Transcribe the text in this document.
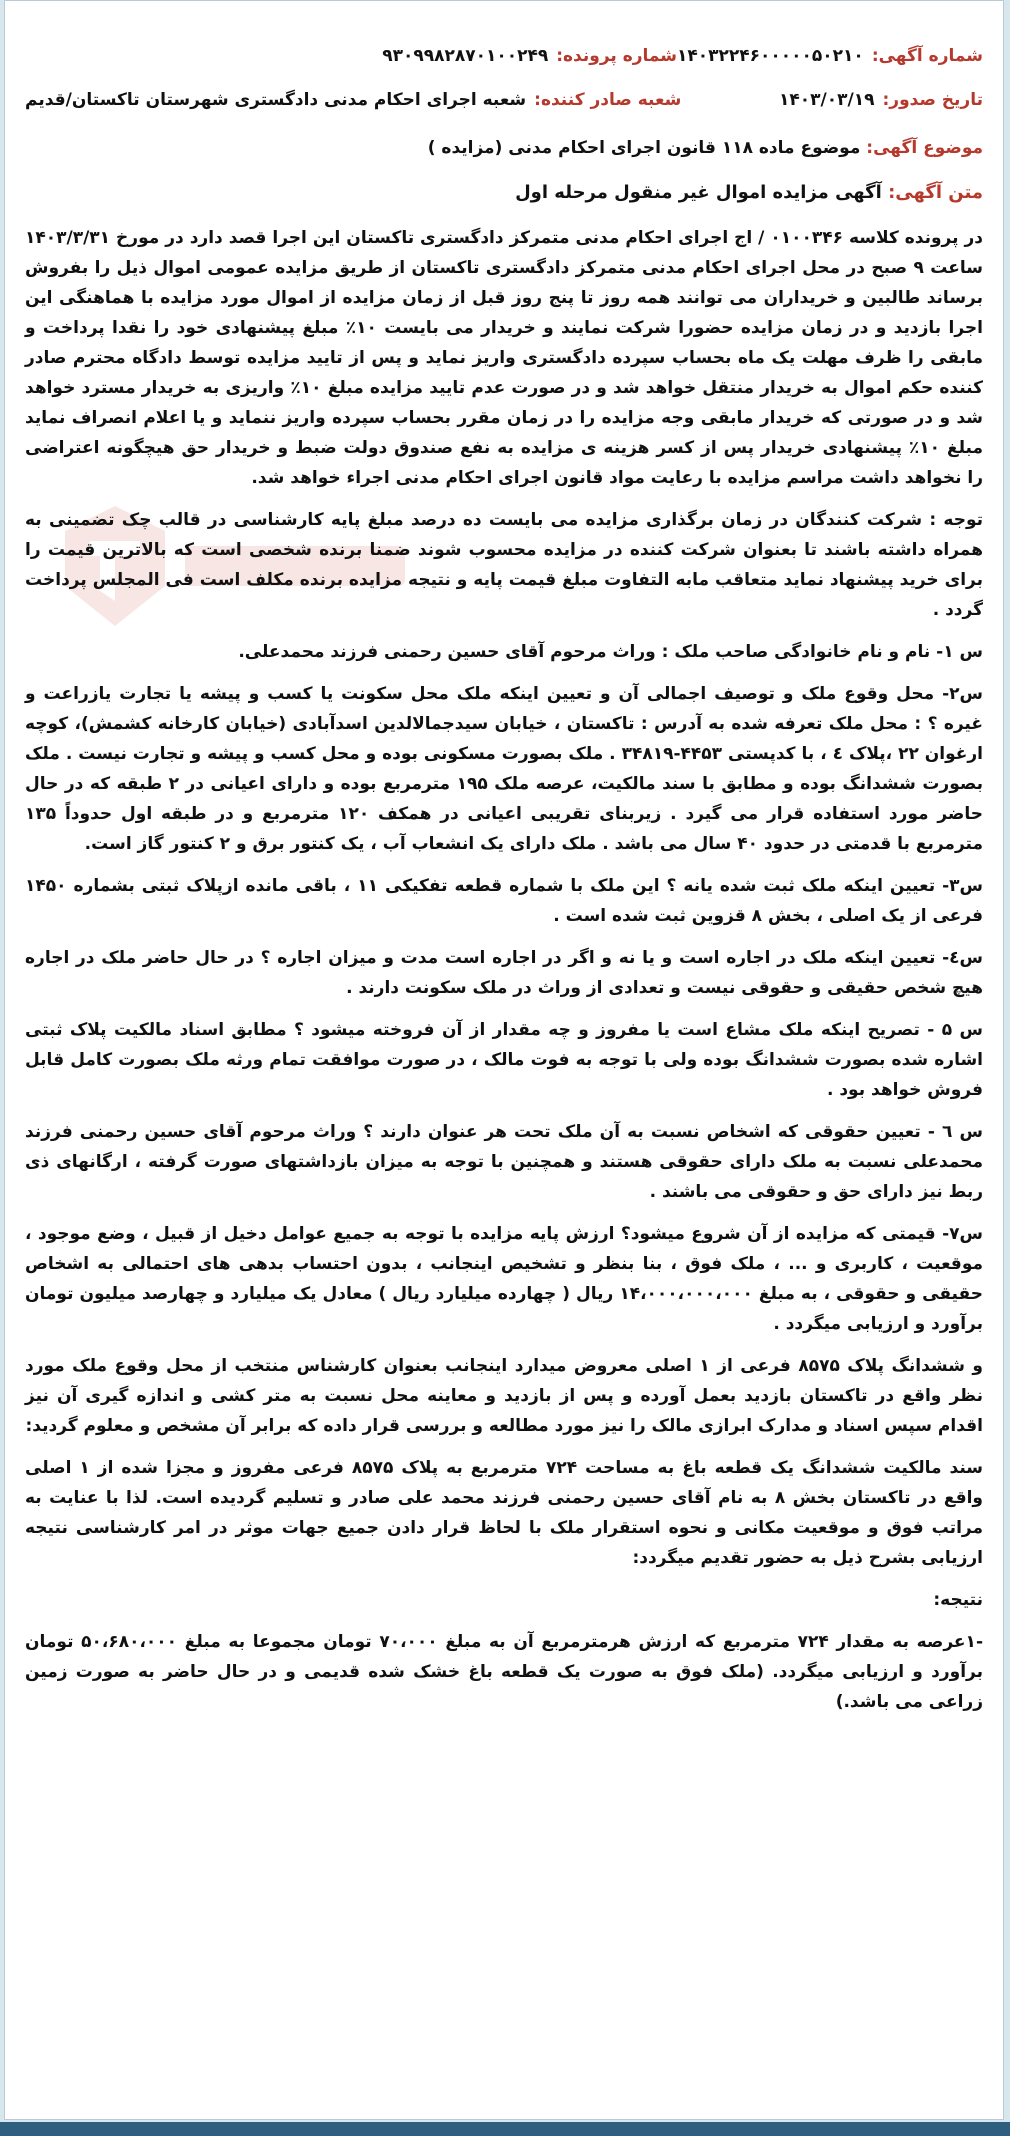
شماره آگهی:
۱۴۰۳۲۲۴۶۰۰۰۰۰۵۰۲۱۰
شماره پرونده:
۹۳۰۹۹۸۲۸۷۰۱۰۰۲۴۹
تاریخ صدور:
۱۴۰۳/۰۳/۱۹
شعبه صادر کننده:
شعبه اجرای احکام مدنی دادگستری شهرستان تاکستان/قدیم
موضوع آگهی: موضوع ماده ۱۱۸ قانون اجرای احکام مدنی (مزایده )
متن آگهی: آگهی مزایده اموال غیر منقول مرحله اول

در پرونده کلاسه ۰۱۰۰۳۴۶ / اج اجرای احکام مدنی متمرکز دادگستری تاکستان این اجرا قصد دارد در مورخ ۱۴۰۳/۳/۳۱ ساعت ۹ صبح در محل اجرای احکام مدنی متمرکز دادگستری تاکستان از طریق مزایده عمومی اموال ذیل را بفروش برساند طالبین و خریداران می توانند همه روز تا پنج روز قبل از زمان مزایده از اموال مورد مزایده با هماهنگی این اجرا بازدید و در زمان مزایده حضورا شرکت نمایند و خریدار می بایست ۱۰٪ مبلغ پیشنهادی خود را نقدا پرداخت و مابقی را ظرف مهلت یک ماه بحساب سپرده دادگستری واریز نماید و پس از تایید مزایده توسط دادگاه محترم صادر کننده حکم اموال به خریدار منتقل خواهد شد و در صورت عدم تایید مزایده مبلغ ۱۰٪ واریزی به خریدار مسترد خواهد شد و در صورتی که خریدار مابقی وجه مزایده را در زمان مقرر بحساب سپرده واریز ننماید و یا اعلام انصراف نماید مبلغ ۱۰٪ پیشنهادی خریدار پس از کسر هزینه ی مزایده به نفع صندوق دولت ضبط و خریدار حق هیچگونه اعتراضی را نخواهد داشت مراسم مزایده با رعایت مواد قانون اجرای احکام مدنی اجراء خواهد شد.

توجه : شرکت کنندگان در زمان برگذاری مزایده می بایست ده درصد مبلغ پایه کارشناسی در قالب چک تضمینی به همراه داشته باشند تا بعنوان شرکت کننده در مزایده محسوب شوند ضمنا برنده شخصی است که بالاترین قیمت را برای خرید پیشنهاد نماید متعاقب مابه التفاوت مبلغ قیمت پایه و نتیجه مزایده برنده مکلف است فی المجلس پرداخت گردد .

س ۱- نام و نام خانوادگی صاحب ملک : وراث مرحوم آقای حسین رحمنی فرزند محمدعلی.

س۲- محل وقوع ملک و توصیف اجمالی آن و تعیین اینکه ملک محل سکونت یا کسب و پیشه یا تجارت یازراعت و غیره ؟ : محل ملک تعرفه شده به آدرس : تاکستان ، خیابان سیدجمالالدین اسدآبادی (خیابان کارخانه کشمش)، کوچه ارغوان ۲۲ ،پلاک ٤ ، با کدپستی ۴۴۵۳-۳۴۸۱۹ . ملک بصورت مسکونی بوده و محل کسب و پیشه و تجارت نیست . ملک بصورت ششدانگ بوده و مطابق با سند مالکیت، عرصه ملک ۱۹۵ مترمربع بوده و دارای اعیانی در ۲ طبقه که در حال حاضر مورد استفاده قرار می گیرد . زیربنای تقریبی اعیانی در همکف ۱۲۰ مترمربع و در طبقه اول حدوداً ۱۳۵ مترمربع با قدمتی در حدود ۴۰ سال می باشد . ملک دارای یک انشعاب آب ، یک کنتور برق و ۲ کنتور گاز است.

س۳- تعیین اینکه ملک ثبت شده یانه ؟ این ملک با شماره قطعه تفکیکی ۱۱ ، باقی مانده ازپلاک ثبتی بشماره ۱۴۵۰ فرعی از یک اصلی ، بخش ۸ قزوین ثبت شده است .

س٤- تعیین اینکه ملک در اجاره است و یا نه و اگر در اجاره است مدت و میزان اجاره ؟ در حال حاضر ملک در اجاره هیچ شخص حقیقی و حقوقی نیست و تعدادی از وراث در ملک سکونت دارند .

س ۵ - تصریح اینکه ملک مشاع است یا مفروز و چه مقدار از آن فروخته میشود ؟ مطابق اسناد مالکیت پلاک ثبتی اشاره شده بصورت ششدانگ بوده ولی با توجه به فوت مالک ، در صورت موافقت تمام ورثه ملک بصورت کامل قابل فروش خواهد بود .

س ٦ - تعیین حقوقی که اشخاص نسبت به آن ملک تحت هر عنوان دارند ؟ وراث مرحوم آقای حسین رحمنی فرزند محمدعلی نسبت به ملک دارای حقوقی هستند و همچنین با توجه به میزان بازداشتهای صورت گرفته ، ارگانهای ذی ربط نیز دارای حق و حقوقی می باشند .

س۷- قیمتی که مزایده از آن شروع میشود؟ ارزش پایه مزایده با توجه به جمیع عوامل دخیل از قبیل ، وضع موجود ، موقعیت ، کاربری و ... ، ملک فوق ، بنا بنظر و تشخیص اینجانب ، بدون احتساب بدهی های احتمالی به اشخاص حقیقی و حقوقی ، به مبلغ ۱۴،۰۰۰،۰۰۰،۰۰۰ ریال ( چهارده میلیارد ریال ) معادل یک میلیارد و چهارصد میلیون تومان برآورد و ارزیابی میگردد .

و ششدانگ پلاک ۸۵۷۵ فرعی از ۱ اصلی معروض میدارد اینجانب بعنوان کارشناس منتخب از محل وقوع ملک مورد نظر واقع در تاکستان بازدید بعمل آورده و پس از بازدید و معاینه محل نسبت به متر کشی و اندازه گیری آن نیز اقدام سپس اسناد و مدارک ابرازی مالک را نیز مورد مطالعه و بررسی قرار داده که برابر آن مشخص و معلوم گردید:

سند مالکیت ششدانگ یک قطعه باغ به مساحت ۷۲۴ مترمربع به پلاک ۸۵۷۵ فرعی مفروز و مجزا شده از ۱ اصلی واقع در تاکستان بخش ۸ به نام آقای حسین رحمنی فرزند محمد علی صادر و تسلیم گردیده است. لذا با عنایت به مراتب فوق و موقعیت مکانی و نحوه استقرار ملک با لحاظ قرار دادن جمیع جهات موثر در امر کارشناسی نتیجه ارزیابی بشرح ذیل به حضور تقدیم میگردد:

نتیجه:

-۱عرصه به مقدار ۷۲۴ مترمربع که ارزش هرمترمربع آن به مبلغ ۷۰،۰۰۰ تومان مجموعا به مبلغ ۵۰،۶۸۰،۰۰۰ تومان برآورد و ارزیابی میگردد. (ملک فوق به صورت یک قطعه باغ خشک شده قدیمی و در حال حاضر به صورت زمین زراعی می باشد.)
